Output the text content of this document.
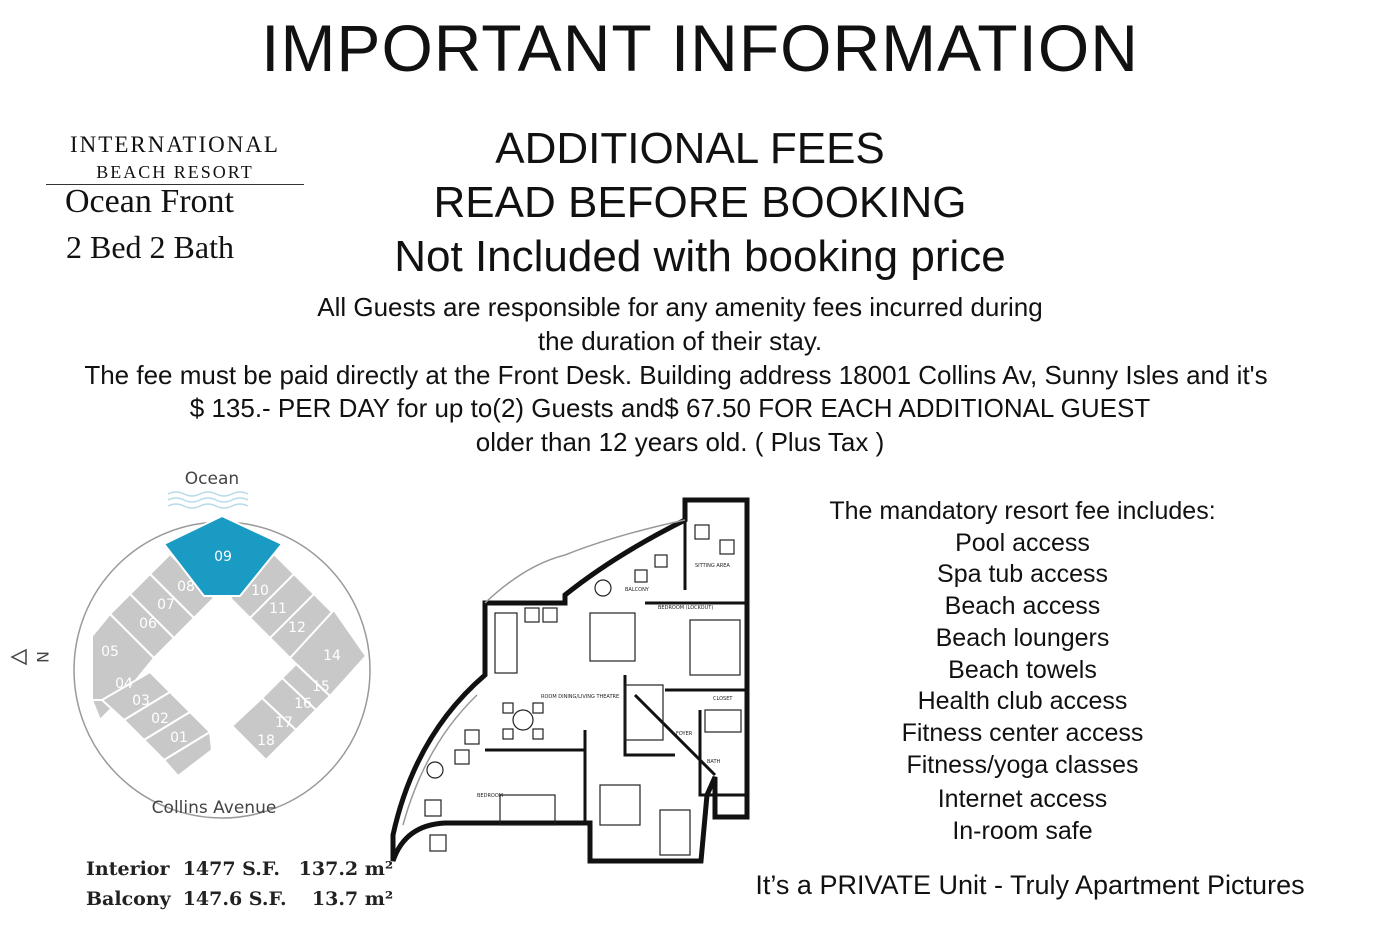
IMPORTANT INFORMATION
INTERNATIONAL
BEACH RESORT
Ocean Front
2 Bed 2 Bath
ADDITIONAL FEES
READ BEFORE BOOKING
Not Included with booking price
All Guests are responsible for any amenity fees incurred during
the duration of their stay.
The fee must be paid directly at the Front Desk. Building address 18001 Collins Av, Sunny Isles and it's
$ 135.- PER DAY for up to(2) Guests and$ 67.50 FOR EACH ADDITIONAL GUEST
older than 12 years old. ( Plus Tax )
Ocean
09
08
07
06
05
04
03
02
01
10
11
12
14
15
16
17
18
N
Collins Avenue
Interior	1477 S.F.	137.2 m²
Balcony	147.6 S.F.	13.7 m²
BALCONY
SITTING AREA
BEDROOM (LOCKOUT)
ROOM DINING/LIVING THEATRE
BEDROOM
FOYER
BATH
CLOSET
The mandatory resort fee includes:
Pool access
Spa tub access
Beach access
Beach loungers
Beach towels
Health club access
Fitness center access
Fitness/yoga classes
Internet access
In-room safe
It’s a PRIVATE Unit - Truly Apartment Pictures
